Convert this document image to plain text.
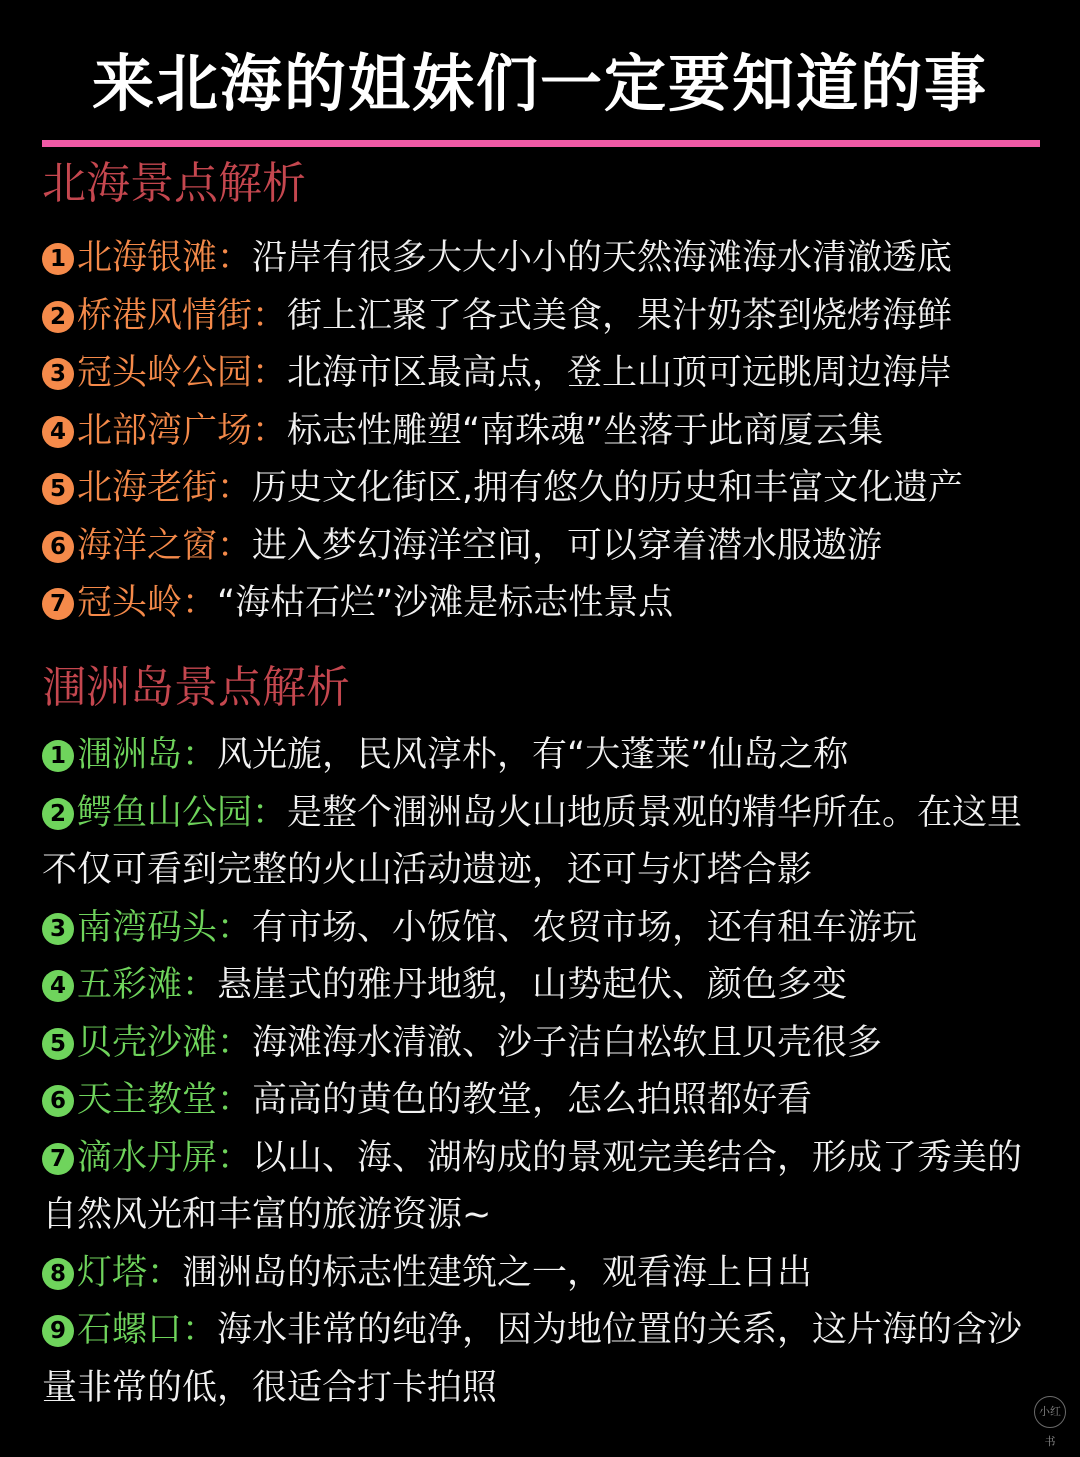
来北海的姐妹们一定要知道的事
北海景点解析
1 北海银滩：沿岸有很多大大小小的天然海滩海水清澈透底
2 桥港风情街：街上汇聚了各式美食，果汁奶茶到烧烤海鲜
3 冠头岭公园：北海市区最高点，登上山顶可远眺周边海岸
4 北部湾广场：标志性雕塑“南珠魂”坐落于此商厦云集
5 北海老街：历史文化街区,拥有悠久的历史和丰富文化遗产
6 海洋之窗：进入梦幻海洋空间，可以穿着潜水服遨游
7 冠头岭：“海枯石烂”沙滩是标志性景点
涠洲岛景点解析
1 涠洲岛：风光旎，民风淳朴，有“大蓬莱”仙岛之称
2 鳄鱼山公园：是整个涠洲岛火山地质景观的精华所在。在这里不仅可看到完整的火山活动遗迹，还可与灯塔合影
3 南湾码头：有市场、小饭馆、农贸市场，还有租车游玩
4 五彩滩：悬崖式的雅丹地貌，山势起伏、颜色多变
5 贝壳沙滩：海滩海水清澈、沙子洁白松软且贝壳很多
6 天主教堂：高高的黄色的教堂，怎么拍照都好看
7 滴水丹屏：以山、海、湖构成的景观完美结合，形成了秀美的自然风光和丰富的旅游资源~
8 灯塔：涠洲岛的标志性建筑之一，观看海上日出
9 石螺口：海水非常的纯净，因为地位置的关系，这片海的含沙量非常的低，很适合打卡拍照
小红书
